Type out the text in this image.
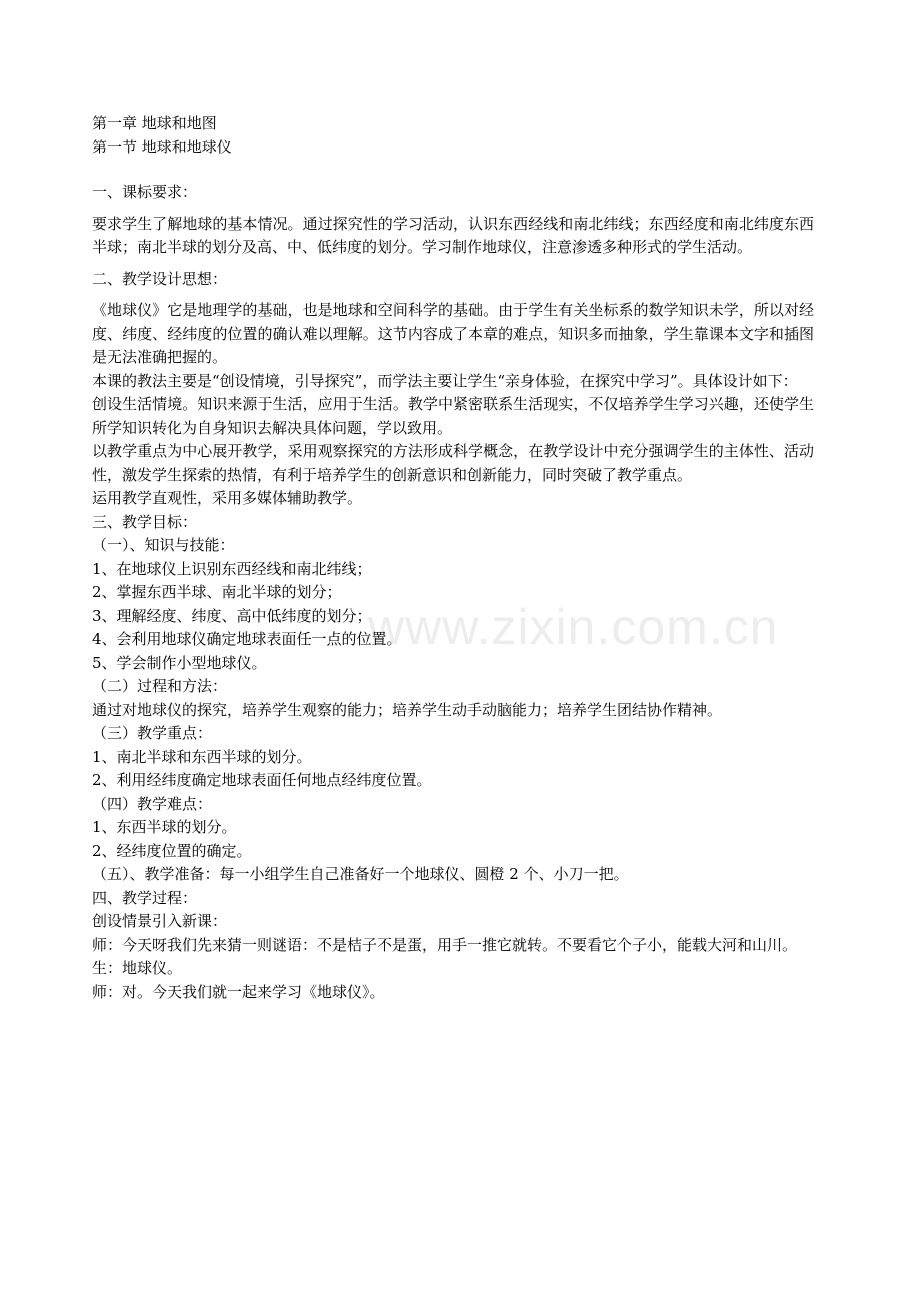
www.zixin.com.cn
第一章 地球和地图
第一节 地球和地球仪
一、课标要求：
要求学生了解地球的基本情况。通过探究性的学习活动，认识东西经线和南北纬线；东西经度和南北纬度东西半球；南北半球的划分及高、中、低纬度的划分。学习制作地球仪，注意渗透多种形式的学生活动。
二、教学设计思想：
《地球仪》它是地理学的基础，也是地球和空间科学的基础。由于学生有关坐标系的数学知识未学，所以对经度、纬度、经纬度的位置的确认难以理解。这节内容成了本章的难点，知识多而抽象，学生靠课本文字和插图是无法准确把握的。
本课的教法主要是“创设情境，引导探究”，而学法主要让学生“亲身体验，在探究中学习”。具体设计如下：
创设生活情境。知识来源于生活，应用于生活。教学中紧密联系生活现实，不仅培养学生学习兴趣，还使学生所学知识转化为自身知识去解决具体问题，学以致用。
以教学重点为中心展开教学，采用观察探究的方法形成科学概念，在教学设计中充分强调学生的主体性、活动性，激发学生探索的热情，有利于培养学生的创新意识和创新能力，同时突破了教学重点。
运用教学直观性，采用多媒体辅助教学。
三、教学目标：
（一）、知识与技能：
1、在地球仪上识别东西经线和南北纬线；
2、掌握东西半球、南北半球的划分；
3、理解经度、纬度、高中低纬度的划分；
4、会利用地球仪确定地球表面任一点的位置。
5、学会制作小型地球仪。
（二）过程和方法：
通过对地球仪的探究，培养学生观察的能力；培养学生动手动脑能力；培养学生团结协作精神。
（三）教学重点：
1、南北半球和东西半球的划分。
2、利用经纬度确定地球表面任何地点经纬度位置。
（四）教学难点：
1、东西半球的划分。
2、经纬度位置的确定。
（五）、教学准备：每一小组学生自己准备好一个地球仪、圆橙 2 个、小刀一把。
四、教学过程：
创设情景引入新课：
师：今天呀我们先来猜一则谜语：不是桔子不是蛋，用手一推它就转。不要看它个子小，能载大河和山川。
生：地球仪。
师：对。今天我们就一起来学习《地球仪》。
